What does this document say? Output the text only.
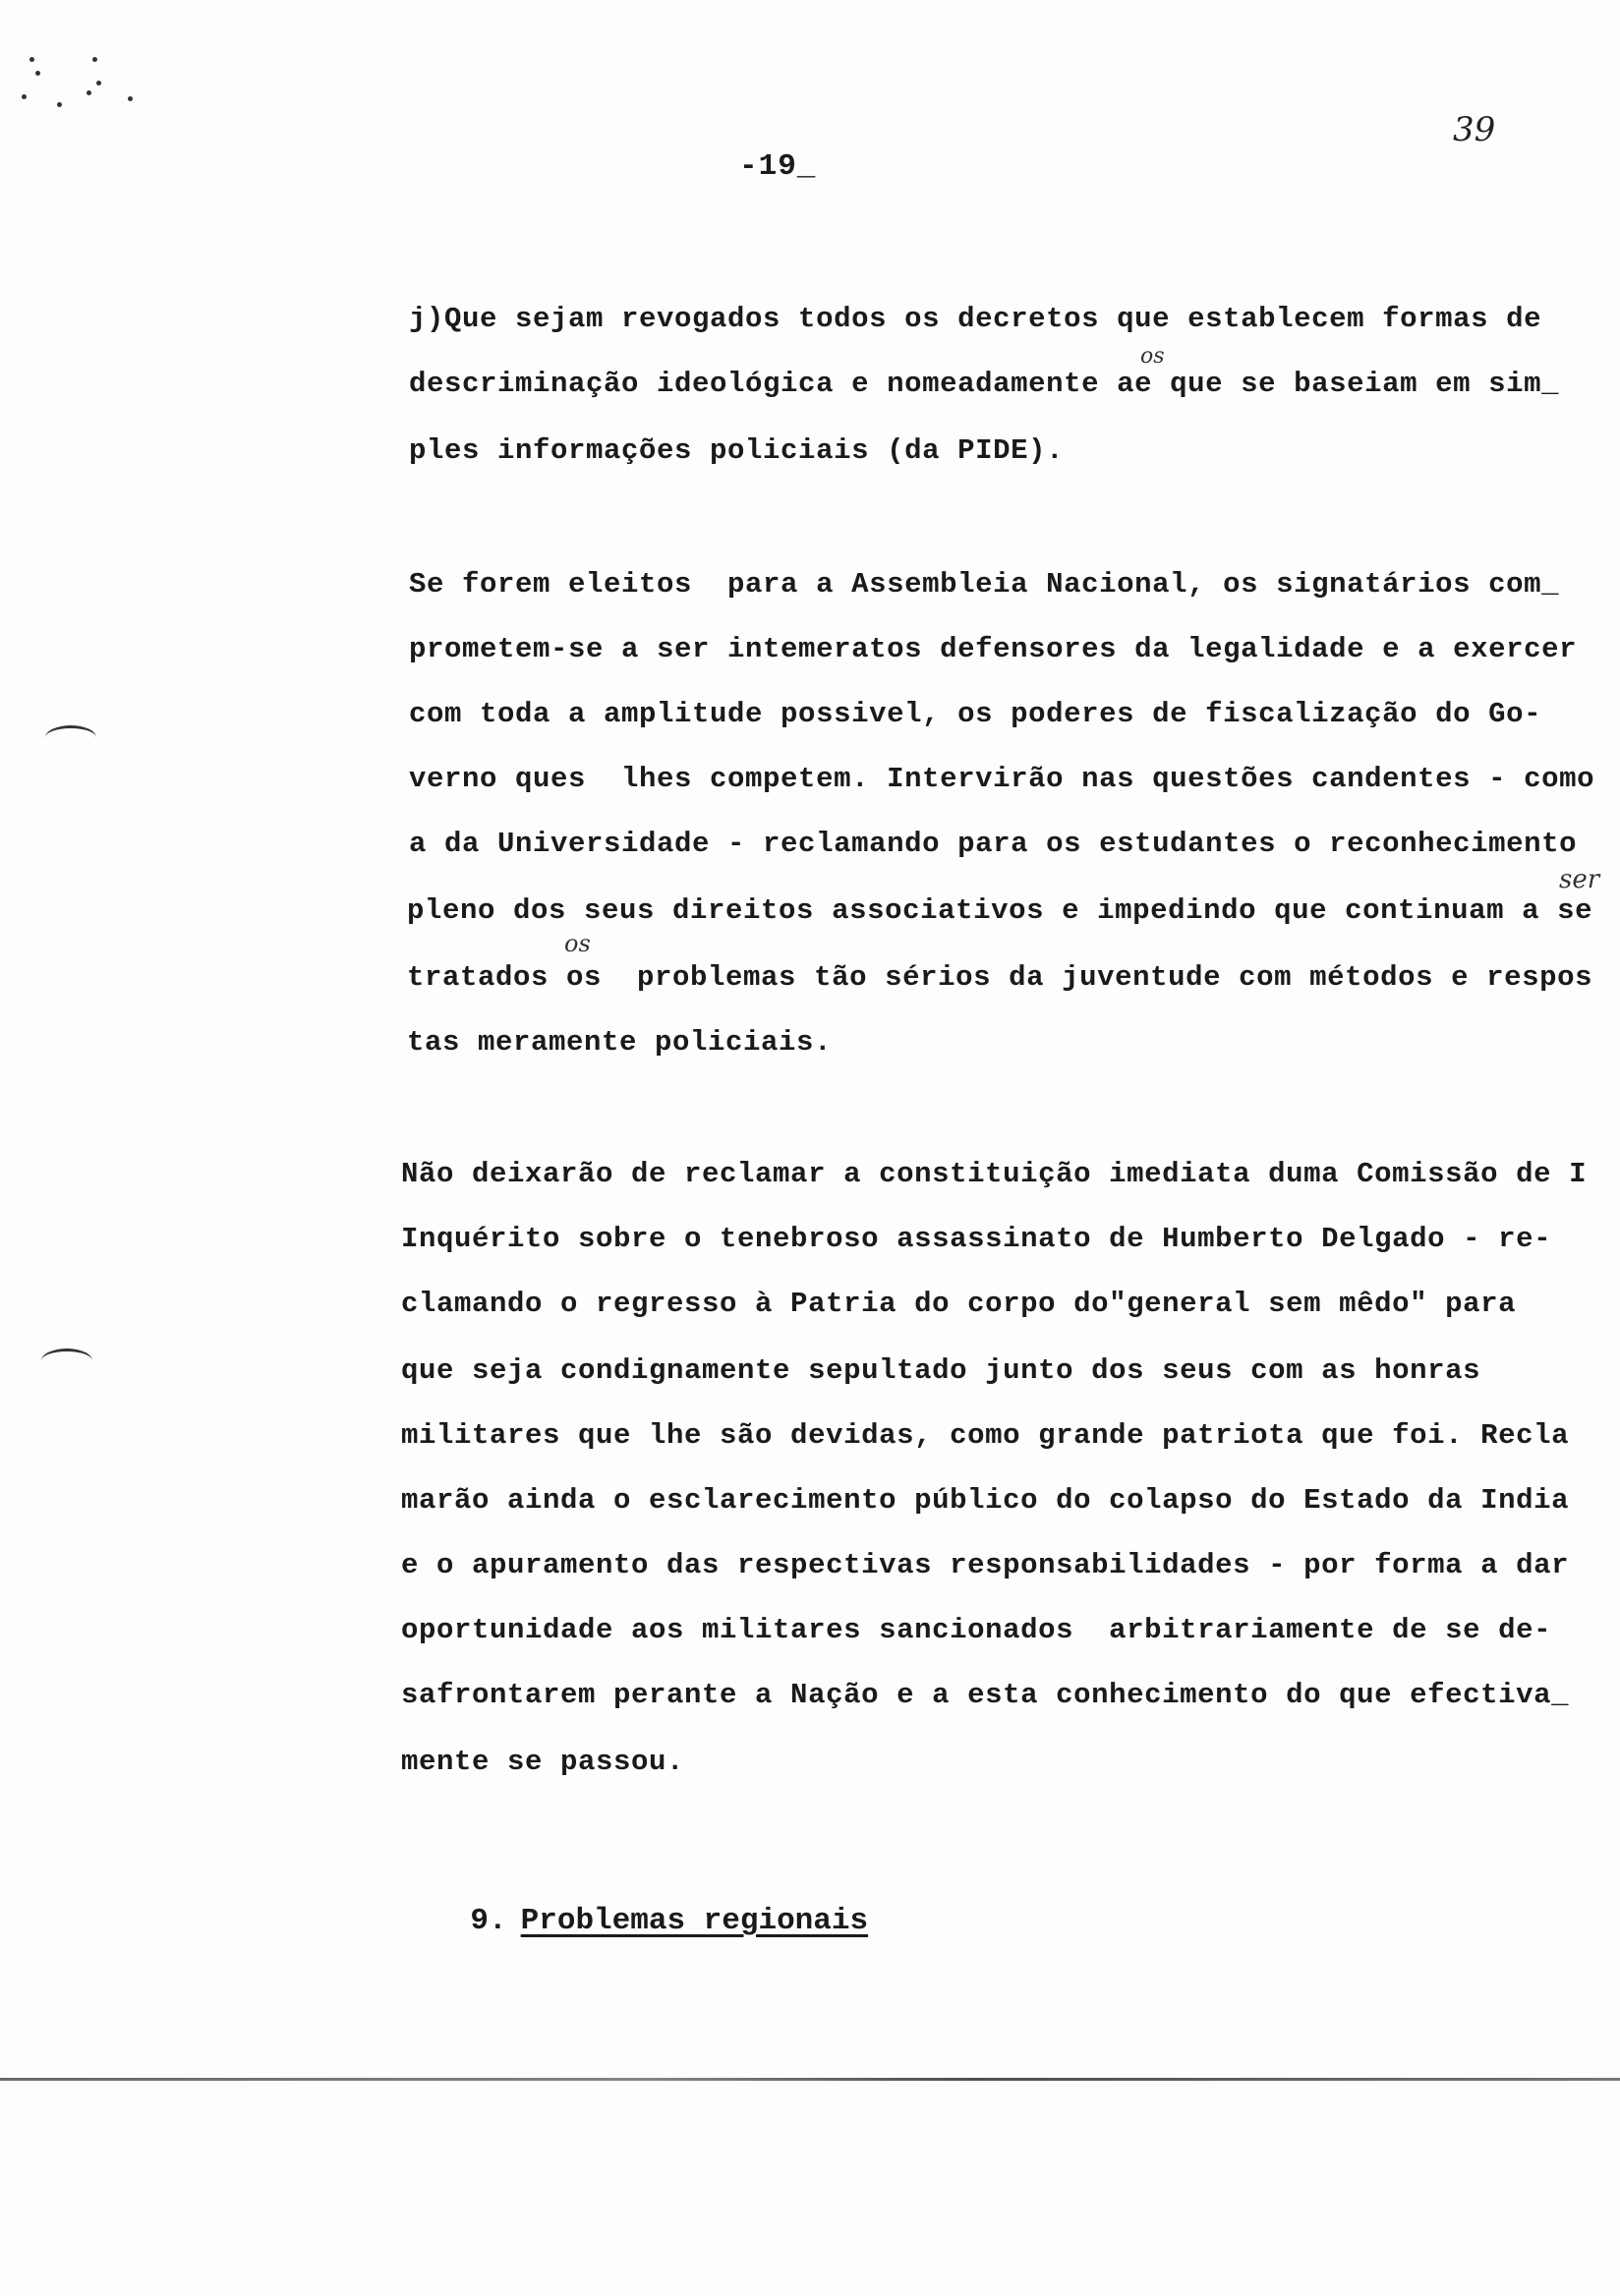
39
-19_
j)Que sejam revogados todos os decretos que establecem formas de
descriminação ideológica e nomeadamente ae que se baseiam em sim_
ples informações policiais (da PIDE).
Se forem eleitos  para a Assembleia Nacional, os signatários com_
prometem-se a ser intemeratos defensores da legalidade e a exercer
com toda a amplitude possivel, os poderes de fiscalização do Go-
verno ques  lhes competem. Intervirão nas questões candentes - como
a da Universidade - reclamando para os estudantes o reconhecimento
pleno dos seus direitos associativos e impedindo que continuam a se
tratados os  problemas tão sérios da juventude com métodos e respos
tas meramente policiais.
Não deixarão de reclamar a constituição imediata duma Comissão de I
Inquérito sobre o tenebroso assassinato de Humberto Delgado - re-
clamando o regresso à Patria do corpo do"general sem mêdo" para
que seja condignamente sepultado junto dos seus com as honras
militares que lhe são devidas, como grande patriota que foi. Recla
marão ainda o esclarecimento público do colapso do Estado da India
e o apuramento das respectivas responsabilidades - por forma a dar
oportunidade aos militares sancionados  arbitrariamente de se de-
safrontarem perante a Nação e a esta conhecimento do que efectiva_
mente se passou.
os
ser
os

9. Problemas regionais
